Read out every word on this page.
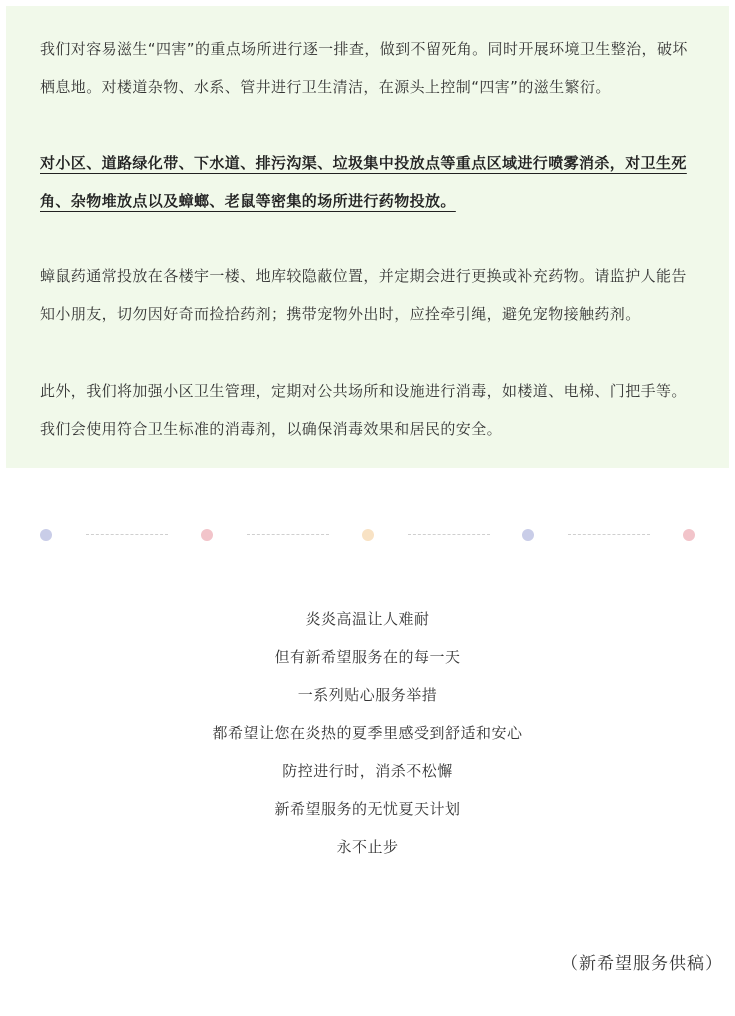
我们对容易滋生“四害”的重点场所进行逐一排查，做到不留死角。同时开展环境卫生整治，破坏栖息地。对楼道杂物、水系、管井进行卫生清洁，在源头上控制“四害”的滋生繁衍。

对小区、道路绿化带、下水道、排污沟渠、垃圾集中投放点等重点区域进行喷雾消杀，对卫生死角、杂物堆放点以及蟑螂、老鼠等密集的场所进行药物投放。

蟑鼠药通常投放在各楼宇一楼、地库较隐蔽位置，并定期会进行更换或补充药物。请监护人能告知小朋友，切勿因好奇而捡拾药剂；携带宠物外出时，应拴牵引绳，避免宠物接触药剂。

此外，我们将加强小区卫生管理，定期对公共场所和设施进行消毒，如楼道、电梯、门把手等。我们会使用符合卫生标准的消毒剂，以确保消毒效果和居民的安全。

炎炎高温让人难耐
但有新希望服务在的每一天
一系列贴心服务举措
都希望让您在炎热的夏季里感受到舒适和安心
防控进行时，消杀不松懈
新希望服务的无忧夏天计划
永不止步
（新希望服务供稿）
